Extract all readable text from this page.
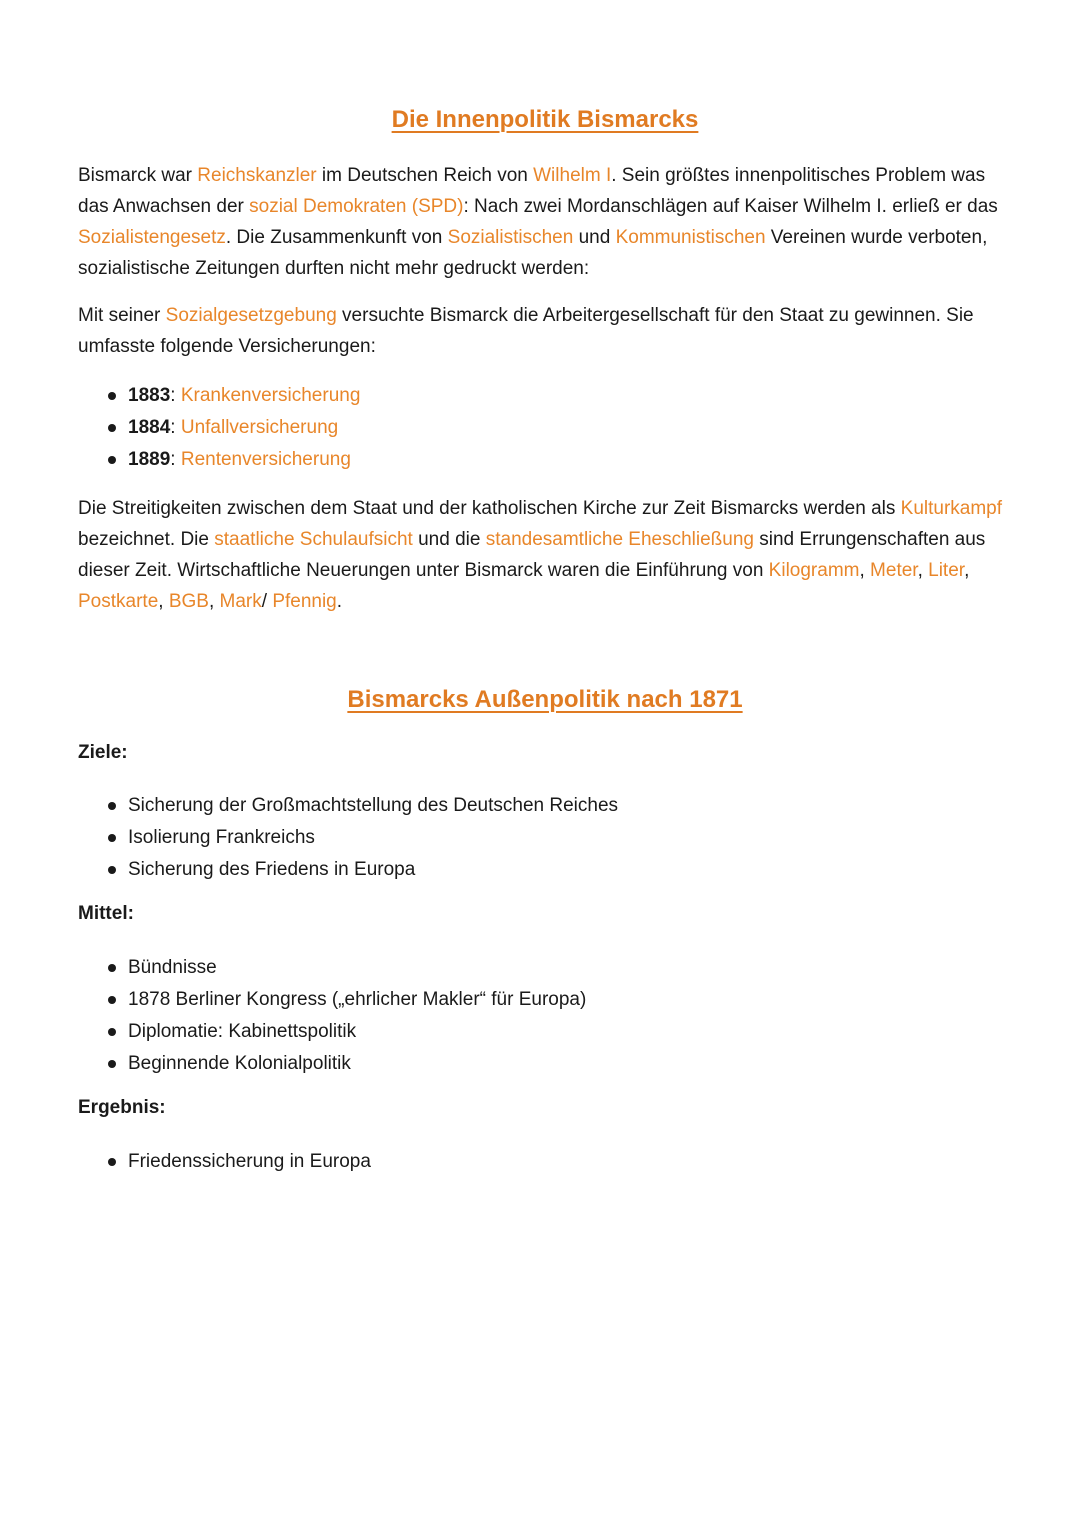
Die Innenpolitik Bismarcks

Bismarck war Reichskanzler im Deutschen Reich von Wilhelm I. Sein größtes innenpolitisches Problem was das Anwachsen der sozial Demokraten (SPD): Nach zwei Mordanschlägen auf Kaiser Wilhelm I. erließ er das Sozialistengesetz. Die Zusammenkunft von Sozialistischen und Kommunistischen Vereinen wurde verboten, sozialistische Zeitungen durften nicht mehr gedruckt werden:

Mit seiner Sozialgesetzgebung versuchte Bismarck die Arbeitergesellschaft für den Staat zu gewinnen. Sie umfasste folgende Versicherungen:

1883: Krankenversicherung
1884: Unfallversicherung
1889: Rentenversicherung

Die Streitigkeiten zwischen dem Staat und der katholischen Kirche zur Zeit Bismarcks werden als Kulturkampf bezeichnet. Die staatliche Schulaufsicht und die standesamtliche Eheschließung sind Errungenschaften aus dieser Zeit. Wirtschaftliche Neuerungen unter Bismarck waren die Einführung von Kilogramm, Meter, Liter, Postkarte, BGB, Mark/ Pfennig.

Bismarcks Außenpolitik nach 1871
Ziele:
Sicherung der Großmachtstellung des Deutschen Reiches
Isolierung Frankreichs
Sicherung des Friedens in Europa
Mittel:
Bündnisse
1878 Berliner Kongress („ehrlicher Makler“ für Europa)
Diplomatie: Kabinettspolitik
Beginnende Kolonialpolitik
Ergebnis:
Friedenssicherung in Europa
